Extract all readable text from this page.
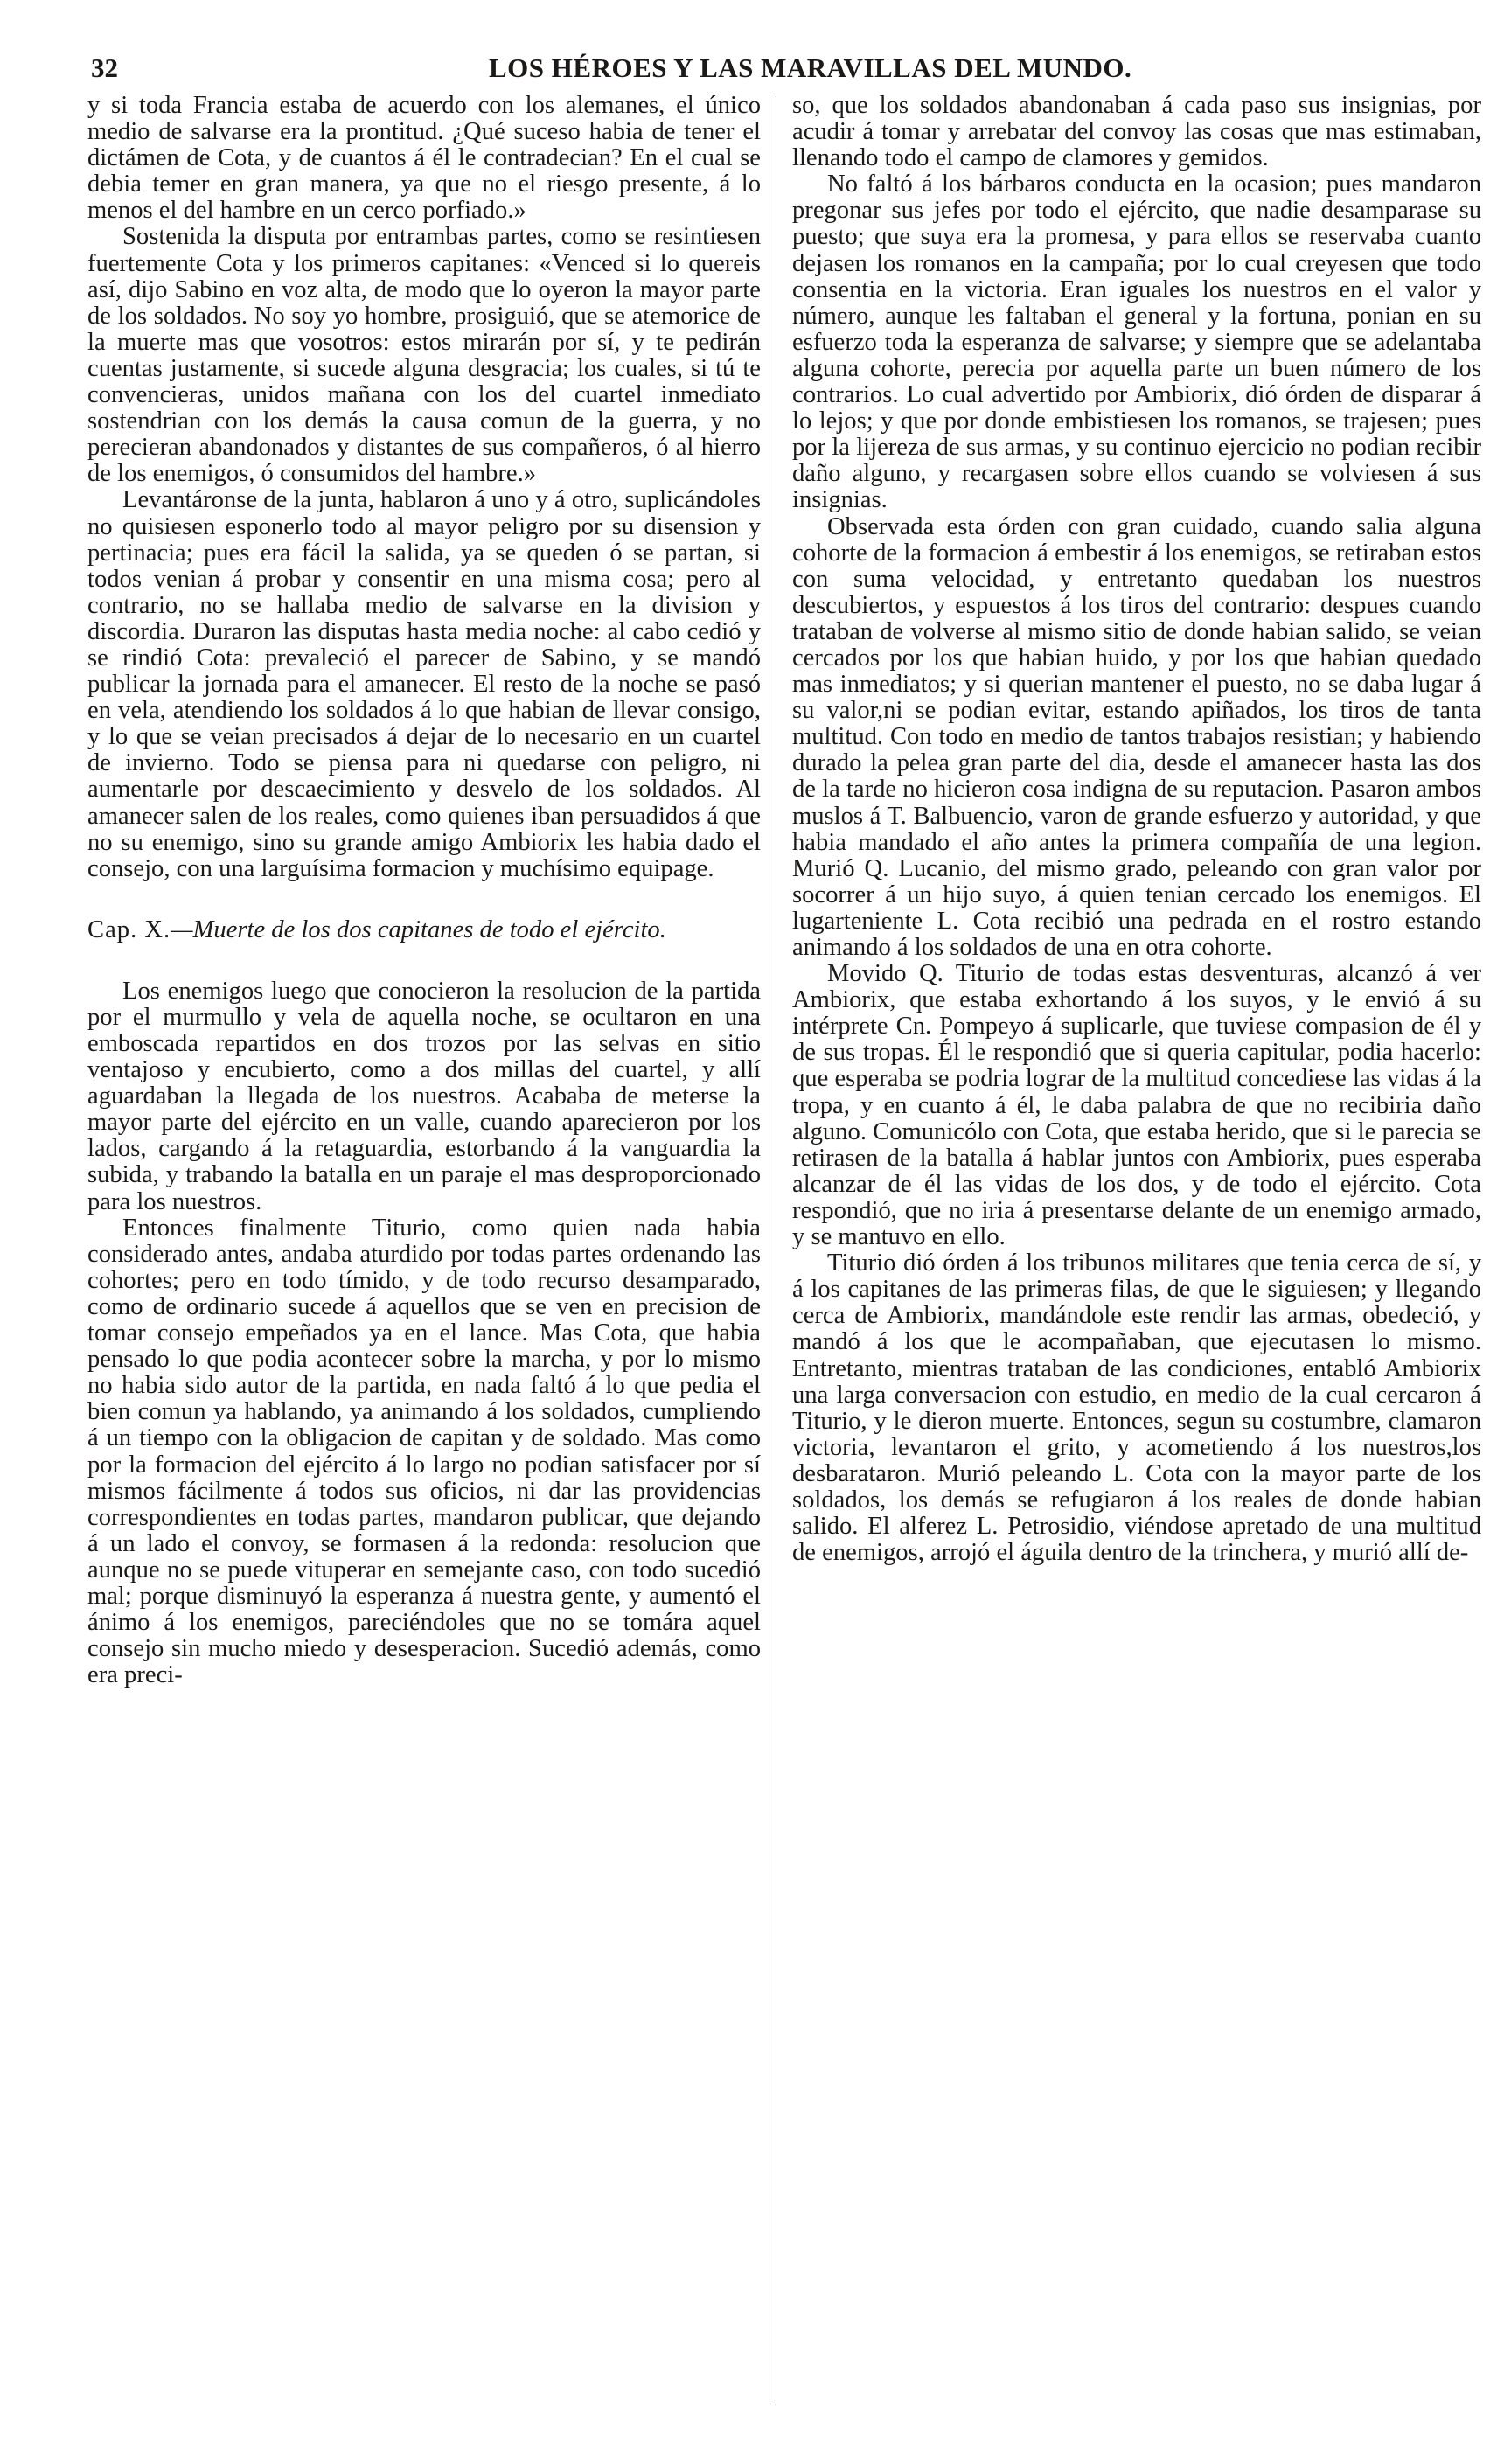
32	LOS HÉROES Y LAS MARAVILLAS DEL MUNDO.

y si toda Francia estaba de acuerdo con los alemanes, el único medio de salvarse era la prontitud. ¿Qué suceso habia de tener el dictámen de Cota, y de cuantos á él le contradecian? En el cual se debia temer en gran manera, ya que no el riesgo presente, á lo menos el del hambre en un cerco porfiado.»

Sostenida la disputa por entrambas partes, como se resintiesen fuertemente Cota y los primeros capitanes: «Venced si lo quereis así, dijo Sabino en voz alta, de modo que lo oyeron la mayor parte de los soldados. No soy yo hombre, prosiguió, que se atemorice de la muerte mas que vosotros: estos mirarán por sí, y te pedirán cuentas justamente, si sucede alguna desgracia; los cuales, si tú te convencieras, unidos mañana con los del cuartel inmediato sostendrian con los demás la causa comun de la guerra, y no perecieran abandonados y distantes de sus compañeros, ó al hierro de los enemigos, ó consumidos del hambre.»

Levantáronse de la junta, hablaron á uno y á otro, suplicándoles no quisiesen esponerlo todo al mayor peligro por su disension y pertinacia; pues era fácil la salida, ya se queden ó se partan, si todos venian á probar y consentir en una misma cosa; pero al contrario, no se hallaba medio de salvarse en la division y discordia. Duraron las disputas hasta media noche: al cabo cedió y se rindió Cota: prevaleció el parecer de Sabino, y se mandó publicar la jornada para el amanecer. El resto de la noche se pasó en vela, atendiendo los soldados á lo que habian de llevar consigo, y lo que se veian precisados á dejar de lo necesario en un cuartel de invierno. Todo se piensa para ni quedarse con peligro, ni aumentarle por descaecimiento y desvelo de los soldados. Al amanecer salen de los reales, como quienes iban persuadidos á que no su enemigo, sino su grande amigo Ambiorix les habia dado el consejo, con una larguísima formacion y muchísimo equipage.

Cap. X.—Muerte de los dos capitanes de todo el ejército.

Los enemigos luego que conocieron la resolucion de la partida por el murmullo y vela de aquella noche, se ocultaron en una emboscada repartidos en dos trozos por las selvas en sitio ventajoso y encubierto, como a dos millas del cuartel, y allí aguardaban la llegada de los nuestros. Acababa de meterse la mayor parte del ejército en un valle, cuando aparecieron por los lados, cargando á la retaguardia, estorbando á la vanguardia la subida, y trabando la batalla en un paraje el mas desproporcionado para los nuestros.

Entonces finalmente Titurio, como quien nada habia considerado antes, andaba aturdido por todas partes ordenando las cohortes; pero en todo tímido, y de todo recurso desamparado, como de ordinario sucede á aquellos que se ven en precision de tomar consejo empeñados ya en el lance. Mas Cota, que habia pensado lo que podia acontecer sobre la marcha, y por lo mismo no habia sido autor de la partida, en nada faltó á lo que pedia el bien comun ya hablando, ya animando á los soldados, cumpliendo á un tiempo con la obligacion de capitan y de soldado. Mas como por la formacion del ejército á lo largo no podian satisfacer por sí mismos fácilmente á todos sus oficios, ni dar las providencias correspondientes en todas partes, mandaron publicar, que dejando á un lado el convoy, se formasen á la redonda: resolucion que aunque no se puede vituperar en semejante caso, con todo sucedió mal; porque disminuyó la esperanza á nuestra gente, y aumentó el ánimo á los enemigos, pareciéndoles que no se tomára aquel consejo sin mucho miedo y desesperacion. Sucedió además, como era preci-

so, que los soldados abandonaban á cada paso sus insignias, por acudir á tomar y arrebatar del convoy las cosas que mas estimaban, llenando todo el campo de clamores y gemidos.

No faltó á los bárbaros conducta en la ocasion; pues mandaron pregonar sus jefes por todo el ejército, que nadie desamparase su puesto; que suya era la promesa, y para ellos se reservaba cuanto dejasen los romanos en la campaña; por lo cual creyesen que todo consentia en la victoria. Eran iguales los nuestros en el valor y número, aunque les faltaban el general y la fortuna, ponian en su esfuerzo toda la esperanza de salvarse; y siempre que se adelantaba alguna cohorte, perecia por aquella parte un buen número de los contrarios. Lo cual advertido por Ambiorix, dió órden de disparar á lo lejos; y que por donde embistiesen los romanos, se trajesen; pues por la lijereza de sus armas, y su continuo ejercicio no podian recibir daño alguno, y recargasen sobre ellos cuando se volviesen á sus insignias.

Observada esta órden con gran cuidado, cuando salia alguna cohorte de la formacion á embestir á los enemigos, se retiraban estos con suma velocidad, y entretanto quedaban los nuestros descubiertos, y espuestos á los tiros del contrario: despues cuando trataban de volverse al mismo sitio de donde habian salido, se veian cercados por los que habian huido, y por los que habian quedado mas inmediatos; y si querian mantener el puesto, no se daba lugar á su valor,ni se podian evitar, estando apiñados, los tiros de tanta multitud. Con todo en medio de tantos trabajos resistian; y habiendo durado la pelea gran parte del dia, desde el amanecer hasta las dos de la tarde no hicieron cosa indigna de su reputacion. Pasaron ambos muslos á T. Balbuencio, varon de grande esfuerzo y autoridad, y que habia mandado el año antes la primera compañía de una legion. Murió Q. Lucanio, del mismo grado, peleando con gran valor por socorrer á un hijo suyo, á quien tenian cercado los enemigos. El lugarteniente L. Cota recibió una pedrada en el rostro estando animando á los soldados de una en otra cohorte.

Movido Q. Titurio de todas estas desventuras, alcanzó á ver Ambiorix, que estaba exhortando á los suyos, y le envió á su intérprete Cn. Pompeyo á suplicarle, que tuviese compasion de él y de sus tropas. Él le respondió que si queria capitular, podia hacerlo: que esperaba se podria lograr de la multitud concediese las vidas á la tropa, y en cuanto á él, le daba palabra de que no recibiria daño alguno. Comunicólo con Cota, que estaba herido, que si le parecia se retirasen de la batalla á hablar juntos con Ambiorix, pues esperaba alcanzar de él las vidas de los dos, y de todo el ejército. Cota respondió, que no iria á presentarse delante de un enemigo armado, y se mantuvo en ello.

Titurio dió órden á los tribunos militares que tenia cerca de sí, y á los capitanes de las primeras filas, de que le siguiesen; y llegando cerca de Ambiorix, mandándole este rendir las armas, obedeció, y mandó á los que le acompañaban, que ejecutasen lo mismo. Entretanto, mientras trataban de las condiciones, entabló Ambiorix una larga conversacion con estudio, en medio de la cual cercaron á Titurio, y le dieron muerte. Entonces, segun su costumbre, clamaron victoria, levantaron el grito, y acometiendo á los nuestros,los desbarataron. Murió peleando L. Cota con la mayor parte de los soldados, los demás se refugiaron á los reales de donde habian salido. El alferez L. Petrosidio, viéndose apretado de una multitud de enemigos, arrojó el águila dentro de la trinchera, y murió allí de-
